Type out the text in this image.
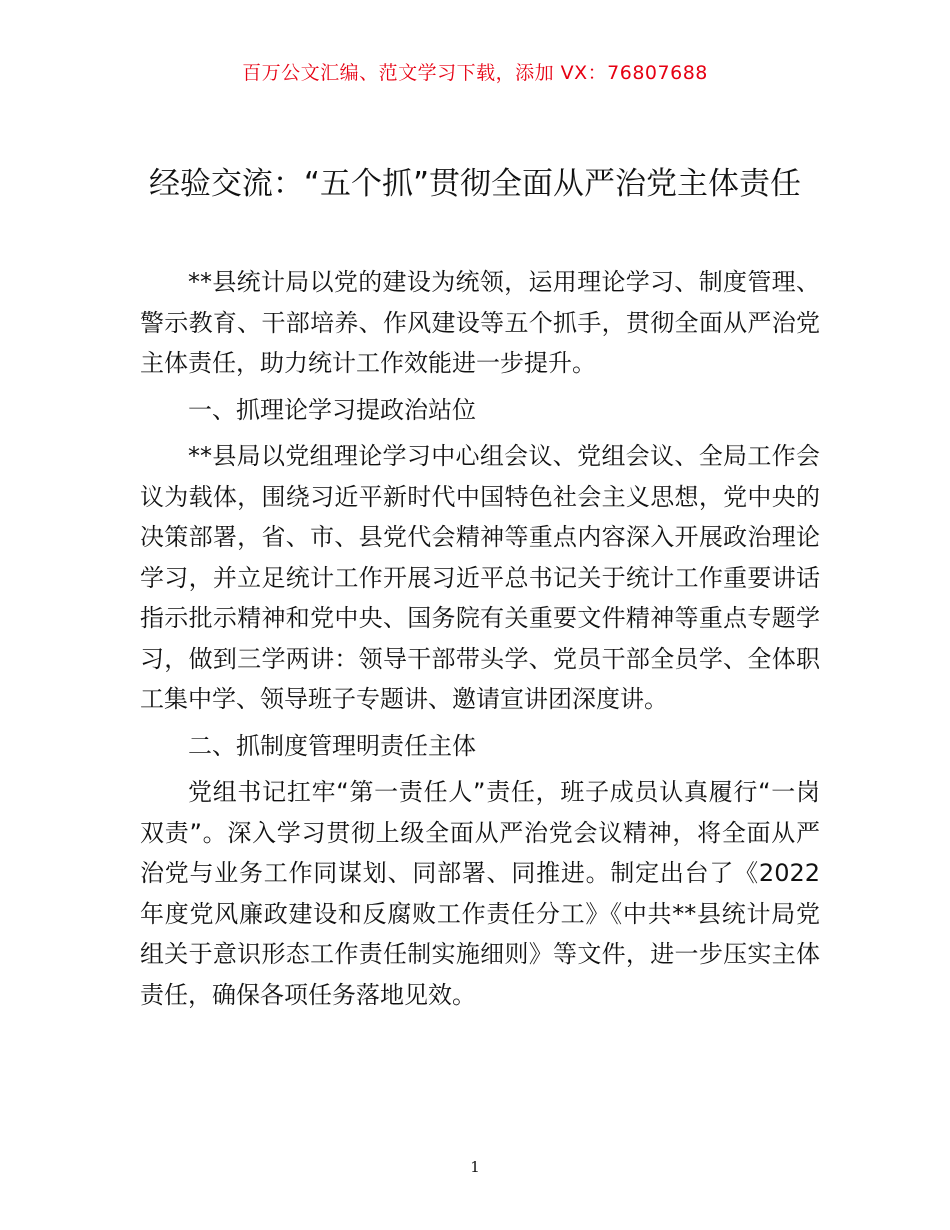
百万公文汇编、范文学习下载，添加 VX：76807688
经验交流：“五个抓”贯彻全面从严治党主体责任

**县统计局以党的建设为统领，运用理论学习、制度管理、警示教育、干部培养、作风建设等五个抓手，贯彻全面从严治党主体责任，助力统计工作效能进一步提升。

一、抓理论学习提政治站位

**县局以党组理论学习中心组会议、党组会议、全局工作会议为载体，围绕习近平新时代中国特色社会主义思想，党中央的决策部署，省、市、县党代会精神等重点内容深入开展政治理论学习，并立足统计工作开展习近平总书记关于统计工作重要讲话指示批示精神和党中央、国务院有关重要文件精神等重点专题学习，做到三学两讲：领导干部带头学、党员干部全员学、全体职工集中学、领导班子专题讲、邀请宣讲团深度讲。

二、抓制度管理明责任主体

党组书记扛牢“第一责任人”责任，班子成员认真履行“一岗双责”。深入学习贯彻上级全面从严治党会议精神，将全面从严治党与业务工作同谋划、同部署、同推进。制定出台了《2022 年度党风廉政建设和反腐败工作责任分工》《中共**县统计局党组关于意识形态工作责任制实施细则》等文件，进一步压实主体责任，确保各项任务落地见效。

1
